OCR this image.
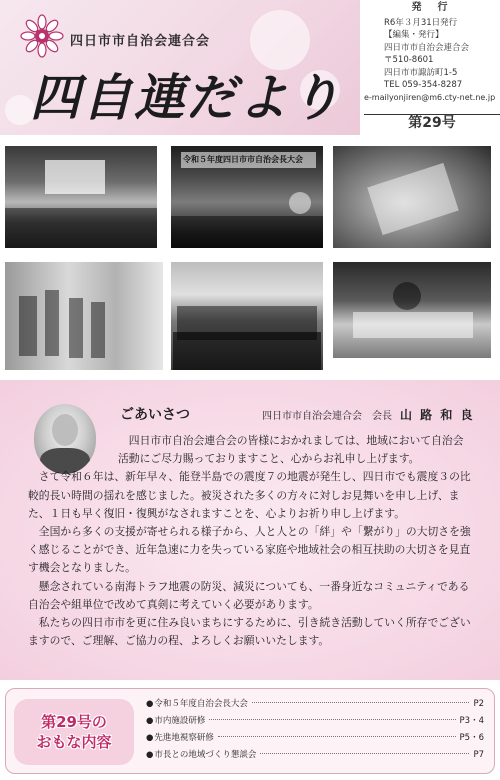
四日市市自治会連合会
四自連だより
発　行
R6年３月31日発行
【編集・発行】
四日市市自治会連合会
〒510-8601
四日市市諏訪町1-5
TEL 059-354-8287
e-mailyonjiren@m6.cty-net.ne.jp
第29号
令和５年度四日市市自治会長大会
ごあいさつ	四日市市自治会連合会　会長 山 路 和 良

四日市市自治会連合会の皆様におかれましては、地域において自治会活動にご尽力賜っておりますこと、心からお礼申し上げます。

さて令和６年は、新年早々、能登半島での震度７の地震が発生し、四日市でも震度３の比較的長い時間の揺れを感じました。被災された多くの方々に対しお見舞いを申し上げ、また、１日も早く復旧・復興がなされますことを、心よりお祈り申し上げます。

全国から多くの支援が寄せられる様子から、人と人との「絆」や「繋がり」の大切さを強く感じることができ、近年急速に力を失っている家庭や地域社会の相互扶助の大切さを見直す機会となりました。

懸念されている南海トラフ地震の防災、減災についても、一番身近なコミュニティである自治会や組単位で改めて真剣に考えていく必要があります。

私たちの四日市市を更に住み良いまちにするために、引き続き活動していく所存でございますので、ご理解、ご協力の程、よろしくお願いいたします。

第29号の
おもな内容
● 令和５年度自治会長大会	P2
● 市内施設研修	P3・4
● 先進地視察研修	P5・6
● 市長との地域づくり懇談会	P7
